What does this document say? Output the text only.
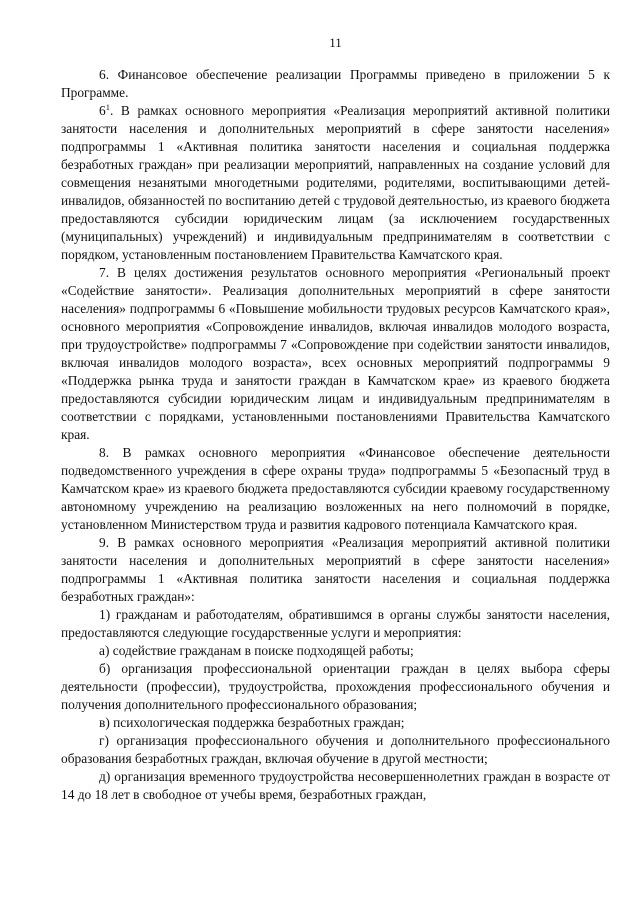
11

6. Финансовое обеспечение реализации Программы приведено в приложении 5 к Программе.

$6^1$. В рамках основного мероприятия «Реализация мероприятий активной политики занятости населения и дополнительных мероприятий в сфере занятости населения» подпрограммы 1 «Активная политика занятости населения и социальная поддержка безработных граждан» при реализации мероприятий, направленных на создание условий для совмещения незанятыми многодетными родителями, родителями, воспитывающими детей-инвалидов, обязанностей по воспитанию детей с трудовой деятельностью, из краевого бюджета предоставляются субсидии юридическим лицам (за исключением государственных (муниципальных) учреждений) и индивидуальным предпринимателям в соответствии с порядком, установленным постановлением Правительства Камчатского края.

7. В целях достижения результатов основного мероприятия «Региональный проект «Содействие занятости». Реализация дополнительных мероприятий в сфере занятости населения» подпрограммы 6 «Повышение мобильности трудовых ресурсов Камчатского края», основного мероприятия «Сопровождение инвалидов, включая инвалидов молодого возраста, при трудоустройстве» подпрограммы 7 «Сопровождение при содействии занятости инвалидов, включая инвалидов молодого возраста», всех основных мероприятий подпрограммы 9 «Поддержка рынка труда и занятости граждан в Камчатском крае» из краевого бюджета предоставляются субсидии юридическим лицам и индивидуальным предпринимателям в соответствии с порядками, установленными постановлениями Правительства Камчатского края.

8. В рамках основного мероприятия «Финансовое обеспечение деятельности подведомственного учреждения в сфере охраны труда» подпрограммы 5 «Безопасный труд в Камчатском крае» из краевого бюджета предоставляются субсидии краевому государственному автономному учреждению на реализацию возложенных на него полномочий в порядке, установленном Министерством труда и развития кадрового потенциала Камчатского края.

9. В рамках основного мероприятия «Реализация мероприятий активной политики занятости населения и дополнительных мероприятий в сфере занятости населения» подпрограммы 1 «Активная политика занятости населения и социальная поддержка безработных граждан»:

1) гражданам и работодателям, обратившимся в органы службы занятости населения, предоставляются следующие государственные услуги и мероприятия:

а) содействие гражданам в поиске подходящей работы;

б) организация профессиональной ориентации граждан в целях выбора сферы деятельности (профессии), трудоустройства, прохождения профессионального обучения и получения дополнительного профессионального образования;

в) психологическая поддержка безработных граждан;

г) организация профессионального обучения и дополнительного профессионального образования безработных граждан, включая обучение в другой местности;

д) организация временного трудоустройства несовершеннолетних граждан в возрасте от 14 до 18 лет в свободное от учебы время, безработных граждан,
